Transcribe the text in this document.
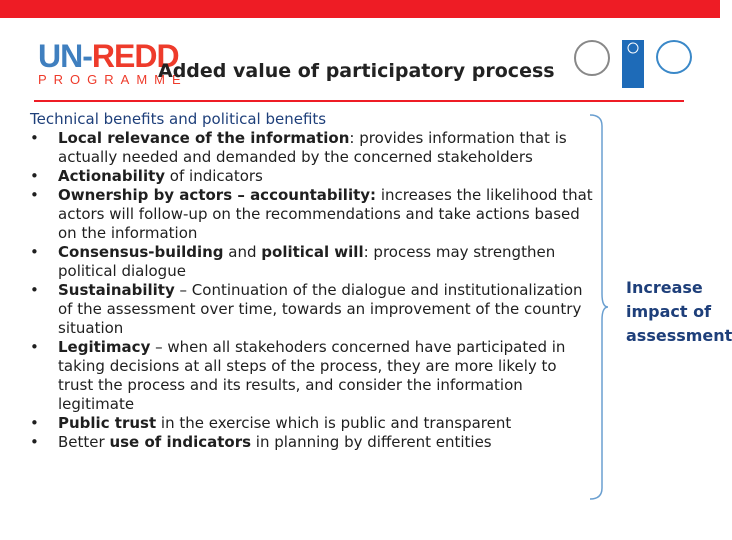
UN-REDD
PROGRAMME
Added value of participatory process
Technical benefits and political benefits
• Local relevance of the information: provides information that is actually needed and demanded by the concerned stakeholders
• Actionability of indicators
• Ownership by actors – accountability: increases the likelihood that actors will follow-up on the recommendations and take actions based on the information
• Consensus-building and political will: process may strengthen political dialogue
• Sustainability – Continuation of the dialogue and institutionalization of the assessment over time, towards an improvement of the country situation
• Legitimacy – when all stakehoders concerned have participated in taking decisions at all steps of the process, they are more likely to trust the process and its results, and consider the information legitimate
• Public trust in the exercise which is public and transparent
• Better use of indicators in planning by different entities
Increase
impact of
assessment
